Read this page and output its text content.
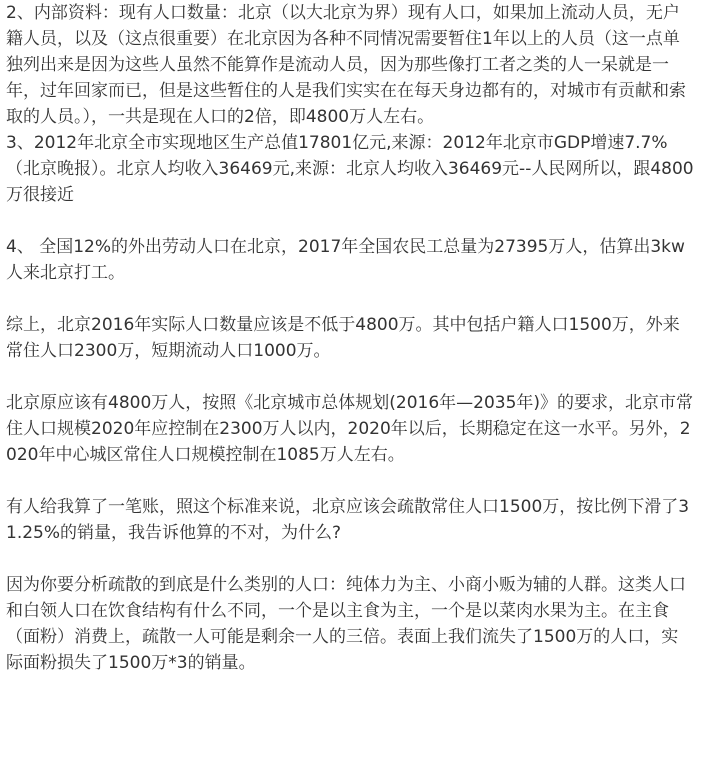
2、内部资料：现有人口数量：北京（以大北京为界）现有人口，如果加上流动人员，无户籍人员，以及（这点很重要）在北京因为各种不同情况需要暂住1年以上的人员（这一点单独列出来是因为这些人虽然不能算作是流动人员，因为那些像打工者之类的人一呆就是一年，过年回家而已，但是这些暂住的人是我们实实在在每天身边都有的，对城市有贡献和索取的人员。），一共是现在人口的2倍，即4800万人左右。

3、2012年北京全市实现地区生产总值17801亿元,来源：2012年北京市GDP增速7.7%（北京晚报）。北京人均收入36469元,来源：北京人均收入36469元--人民网所以，跟4800万很接近

4、 全国12%的外出劳动人口在北京，2017年全国农民工总量为27395万人，估算出3kw人来北京打工。

综上，北京2016年实际人口数量应该是不低于4800万。其中包括户籍人口1500万，外来常住人口2300万，短期流动人口1000万。

北京原应该有4800万人，按照《北京城市总体规划(2016年—2035年)》的要求，北京市常住人口规模2020年应控制在2300万人以内，2020年以后，长期稳定在这一水平。另外，2020年中心城区常住人口规模控制在1085万人左右。

有人给我算了一笔账，照这个标准来说，北京应该会疏散常住人口1500万，按比例下滑了31.25%的销量，我告诉他算的不对，为什么?

因为你要分析疏散的到底是什么类别的人口：纯体力为主、小商小贩为辅的人群。这类人口和白领人口在饮食结构有什么不同，一个是以主食为主，一个是以菜肉水果为主。在主食（面粉）消费上，疏散一人可能是剩余一人的三倍。表面上我们流失了1500万的人口，实际面粉损失了1500万*3的销量。
